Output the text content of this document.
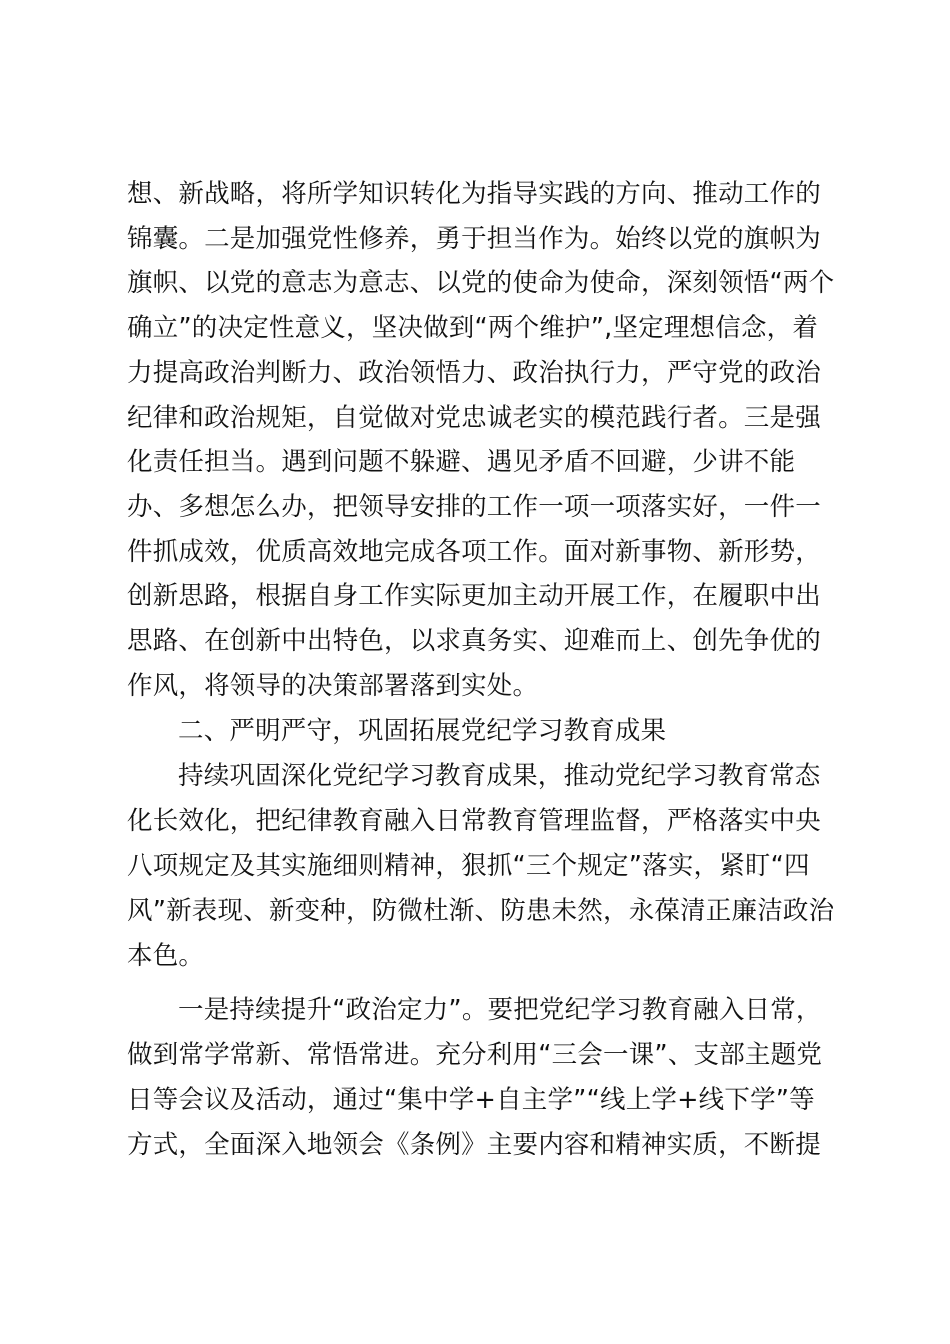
想、新战略，将所学知识转化为指导实践的方向、推动工作的

锦囊。二是加强党性修养，勇于担当作为。始终以党的旗帜为

旗帜、以党的意志为意志、以党的使命为使命，深刻领悟“两个

确立”的决定性意义，坚决做到“两个维护”,坚定理想信念，着

力提高政治判断力、政治领悟力、政治执行力，严守党的政治

纪律和政治规矩，自觉做对党忠诚老实的模范践行者。三是强

化责任担当。遇到问题不躲避、遇见矛盾不回避，少讲不能

办、多想怎么办，把领导安排的工作一项一项落实好，一件一

件抓成效，优质高效地完成各项工作。面对新事物、新形势，

创新思路，根据自身工作实际更加主动开展工作，在履职中出

思路、在创新中出特色，以求真务实、迎难而上、创先争优的

作风，将领导的决策部署落到实处。

二、严明严守，巩固拓展党纪学习教育成果

持续巩固深化党纪学习教育成果，推动党纪学习教育常态

化长效化，把纪律教育融入日常教育管理监督，严格落实中央

八项规定及其实施细则精神，狠抓“三个规定”落实，紧盯“四

风”新表现、新变种，防微杜渐、防患未然，永葆清正廉洁政治

本色。

一是持续提升“政治定力”。要把党纪学习教育融入日常，

做到常学常新、常悟常进。充分利用“三会一课”、支部主题党

日等会议及活动，通过“集中学+自主学”“线上学+线下学”等

方式，全面深入地领会《条例》主要内容和精神实质，不断提
